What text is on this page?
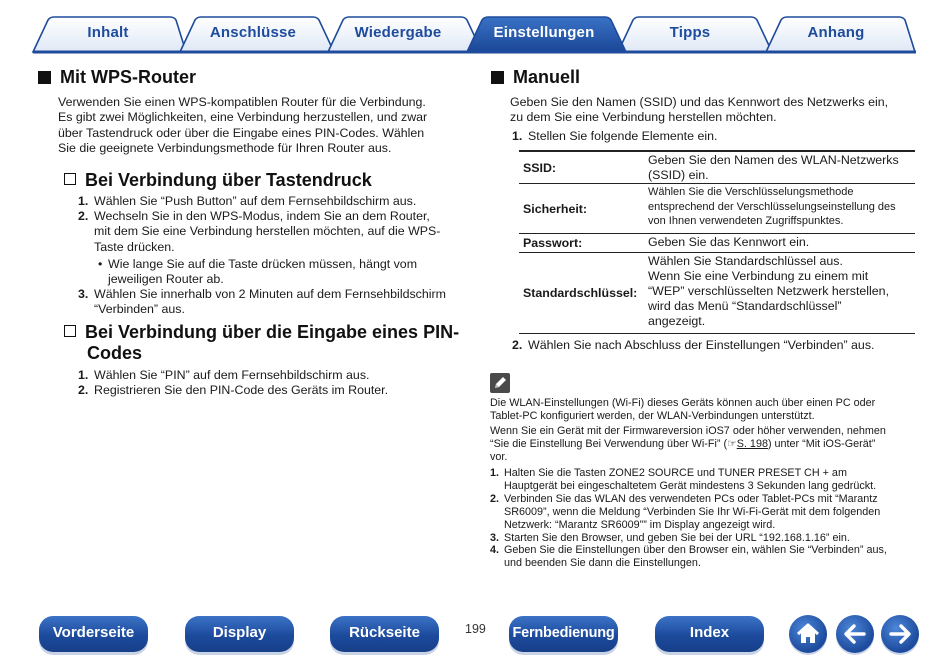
Inhalt	Anschlüsse	Wiedergabe	Einstellungen	Tipps	Anhang
Mit WPS-Router
Verwenden Sie einen WPS-kompatiblen Router für die Verbindung.
Es gibt zwei Möglichkeiten, eine Verbindung herzustellen, und zwar
über Tastendruck oder über die Eingabe eines PIN-Codes. Wählen
Sie die geeignete Verbindungsmethode für Ihren Router aus.
Bei Verbindung über Tastendruck
1. Wählen Sie “Push Button” auf dem Fernsehbildschirm aus.
2. Wechseln Sie in den WPS-Modus, indem Sie an dem Router,
mit dem Sie eine Verbindung herstellen möchten, auf die WPS-
Taste drücken.
• Wie lange Sie auf die Taste drücken müssen, hängt vom
jeweiligen Router ab.
3. Wählen Sie innerhalb von 2 Minuten auf dem Fernsehbildschirm
“Verbinden” aus.
Bei Verbindung über die Eingabe eines PIN-
Codes
1. Wählen Sie “PIN” auf dem Fernsehbildschirm aus.
2. Registrieren Sie den PIN-Code des Geräts im Router.
Manuell
Geben Sie den Namen (SSID) und das Kennwort des Netzwerks ein,
zu dem Sie eine Verbindung herstellen möchten.
1. Stellen Sie folgende Elemente ein.
SSID:
Geben Sie den Namen des WLAN-Netzwerks
(SSID) ein.
Sicherheit:
Wählen Sie die Verschlüsselungsmethode
entsprechend der Verschlüsselungseinstellung des
von Ihnen verwendeten Zugriffspunktes.
Passwort:	Geben Sie das Kennwort ein.
Standardschlüssel:
Wählen Sie Standardschlüssel aus.
Wenn Sie eine Verbindung zu einem mit
“WEP” verschlüsselten Netzwerk herstellen,
wird das Menü “Standardschlüssel”
angezeigt.
2. Wählen Sie nach Abschluss der Einstellungen “Verbinden” aus.
Die WLAN-Einstellungen (Wi-Fi) dieses Geräts können auch über einen PC oder
Tablet-PC konfiguriert werden, der WLAN-Verbindungen unterstützt.
Wenn Sie ein Gerät mit der Firmwareversion iOS7 oder höher verwenden, nehmen
“Sie die Einstellung Bei Verwendung über Wi-Fi” (☞S. 198) unter “Mit iOS-Gerät”
vor.
1. Halten Sie die Tasten ZONE2 SOURCE und TUNER PRESET CH + am
Hauptgerät bei eingeschaltetem Gerät mindestens 3 Sekunden lang gedrückt.
2. Verbinden Sie das WLAN des verwendeten PCs oder Tablet-PCs mit “Marantz
SR6009”, wenn die Meldung “Verbinden Sie Ihr Wi-Fi-Gerät mit dem folgenden
Netzwerk: “Marantz SR6009”” im Display angezeigt wird.
3. Starten Sie den Browser, und geben Sie bei der URL “192.168.1.16” ein.
4. Geben Sie die Einstellungen über den Browser ein, wählen Sie “Verbinden” aus,
und beenden Sie dann die Einstellungen.
Vorderseite	Display	Rückseite	199 Fernbedienung	Index
